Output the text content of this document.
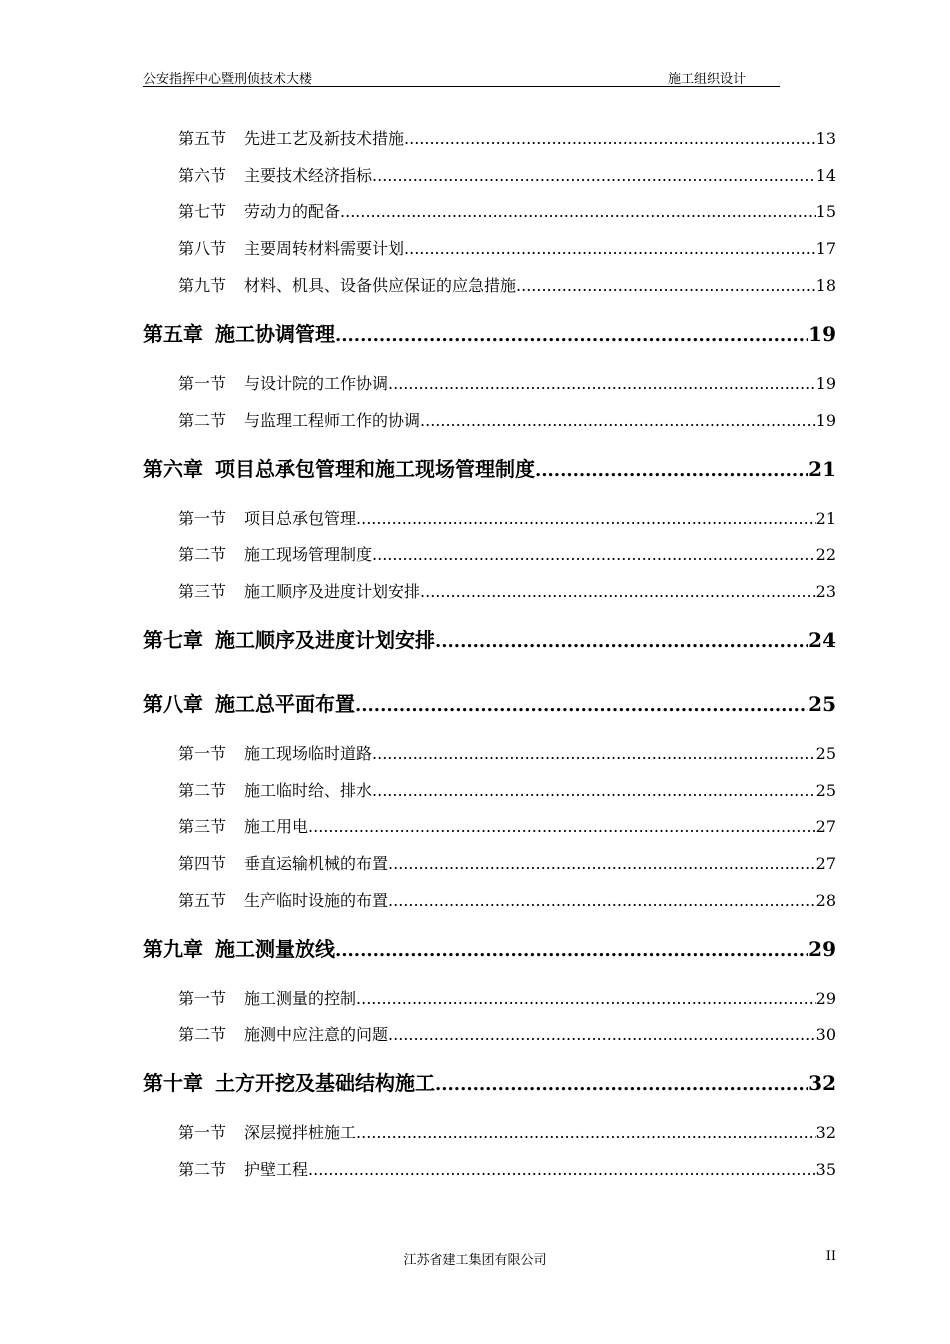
公安指挥中心暨刑侦技术大楼	施工组织设计
第五节	先进工艺及新技术措施 .....	13
第六节	主要技术经济指标 .....	14
第七节	劳动力的配备 .....	15
第八节	主要周转材料需要计划 .....	17
第九节	材料、机具、设备供应保证的应急措施 .....	18
第五章 施工协调管理 .....	19
第一节	与设计院的工作协调 .....	19
第二节	与监理工程师工作的协调 .....	19
第六章 项目总承包管理和施工现场管理制度 .....	21
第一节	项目总承包管理 .....	21
第二节	施工现场管理制度 .....	22
第三节	施工顺序及进度计划安排 .....	23
第七章 施工顺序及进度计划安排 .....	24
第八章 施工总平面布置 .....	25
第一节	施工现场临时道路 .....	25
第二节	施工临时给、排水 .....	25
第三节	施工用电 .....	27
第四节	垂直运输机械的布置 .....	27
第五节	生产临时设施的布置 .....	28
第九章 施工测量放线 .....	29
第一节	施工测量的控制 .....	29
第二节	施测中应注意的问题 .....	30
第十章 土方开挖及基础结构施工 .....	32
第一节	深层搅拌桩施工 .....	32
第二节	护壁工程 .....	35
江苏省建工集团有限公司	II
